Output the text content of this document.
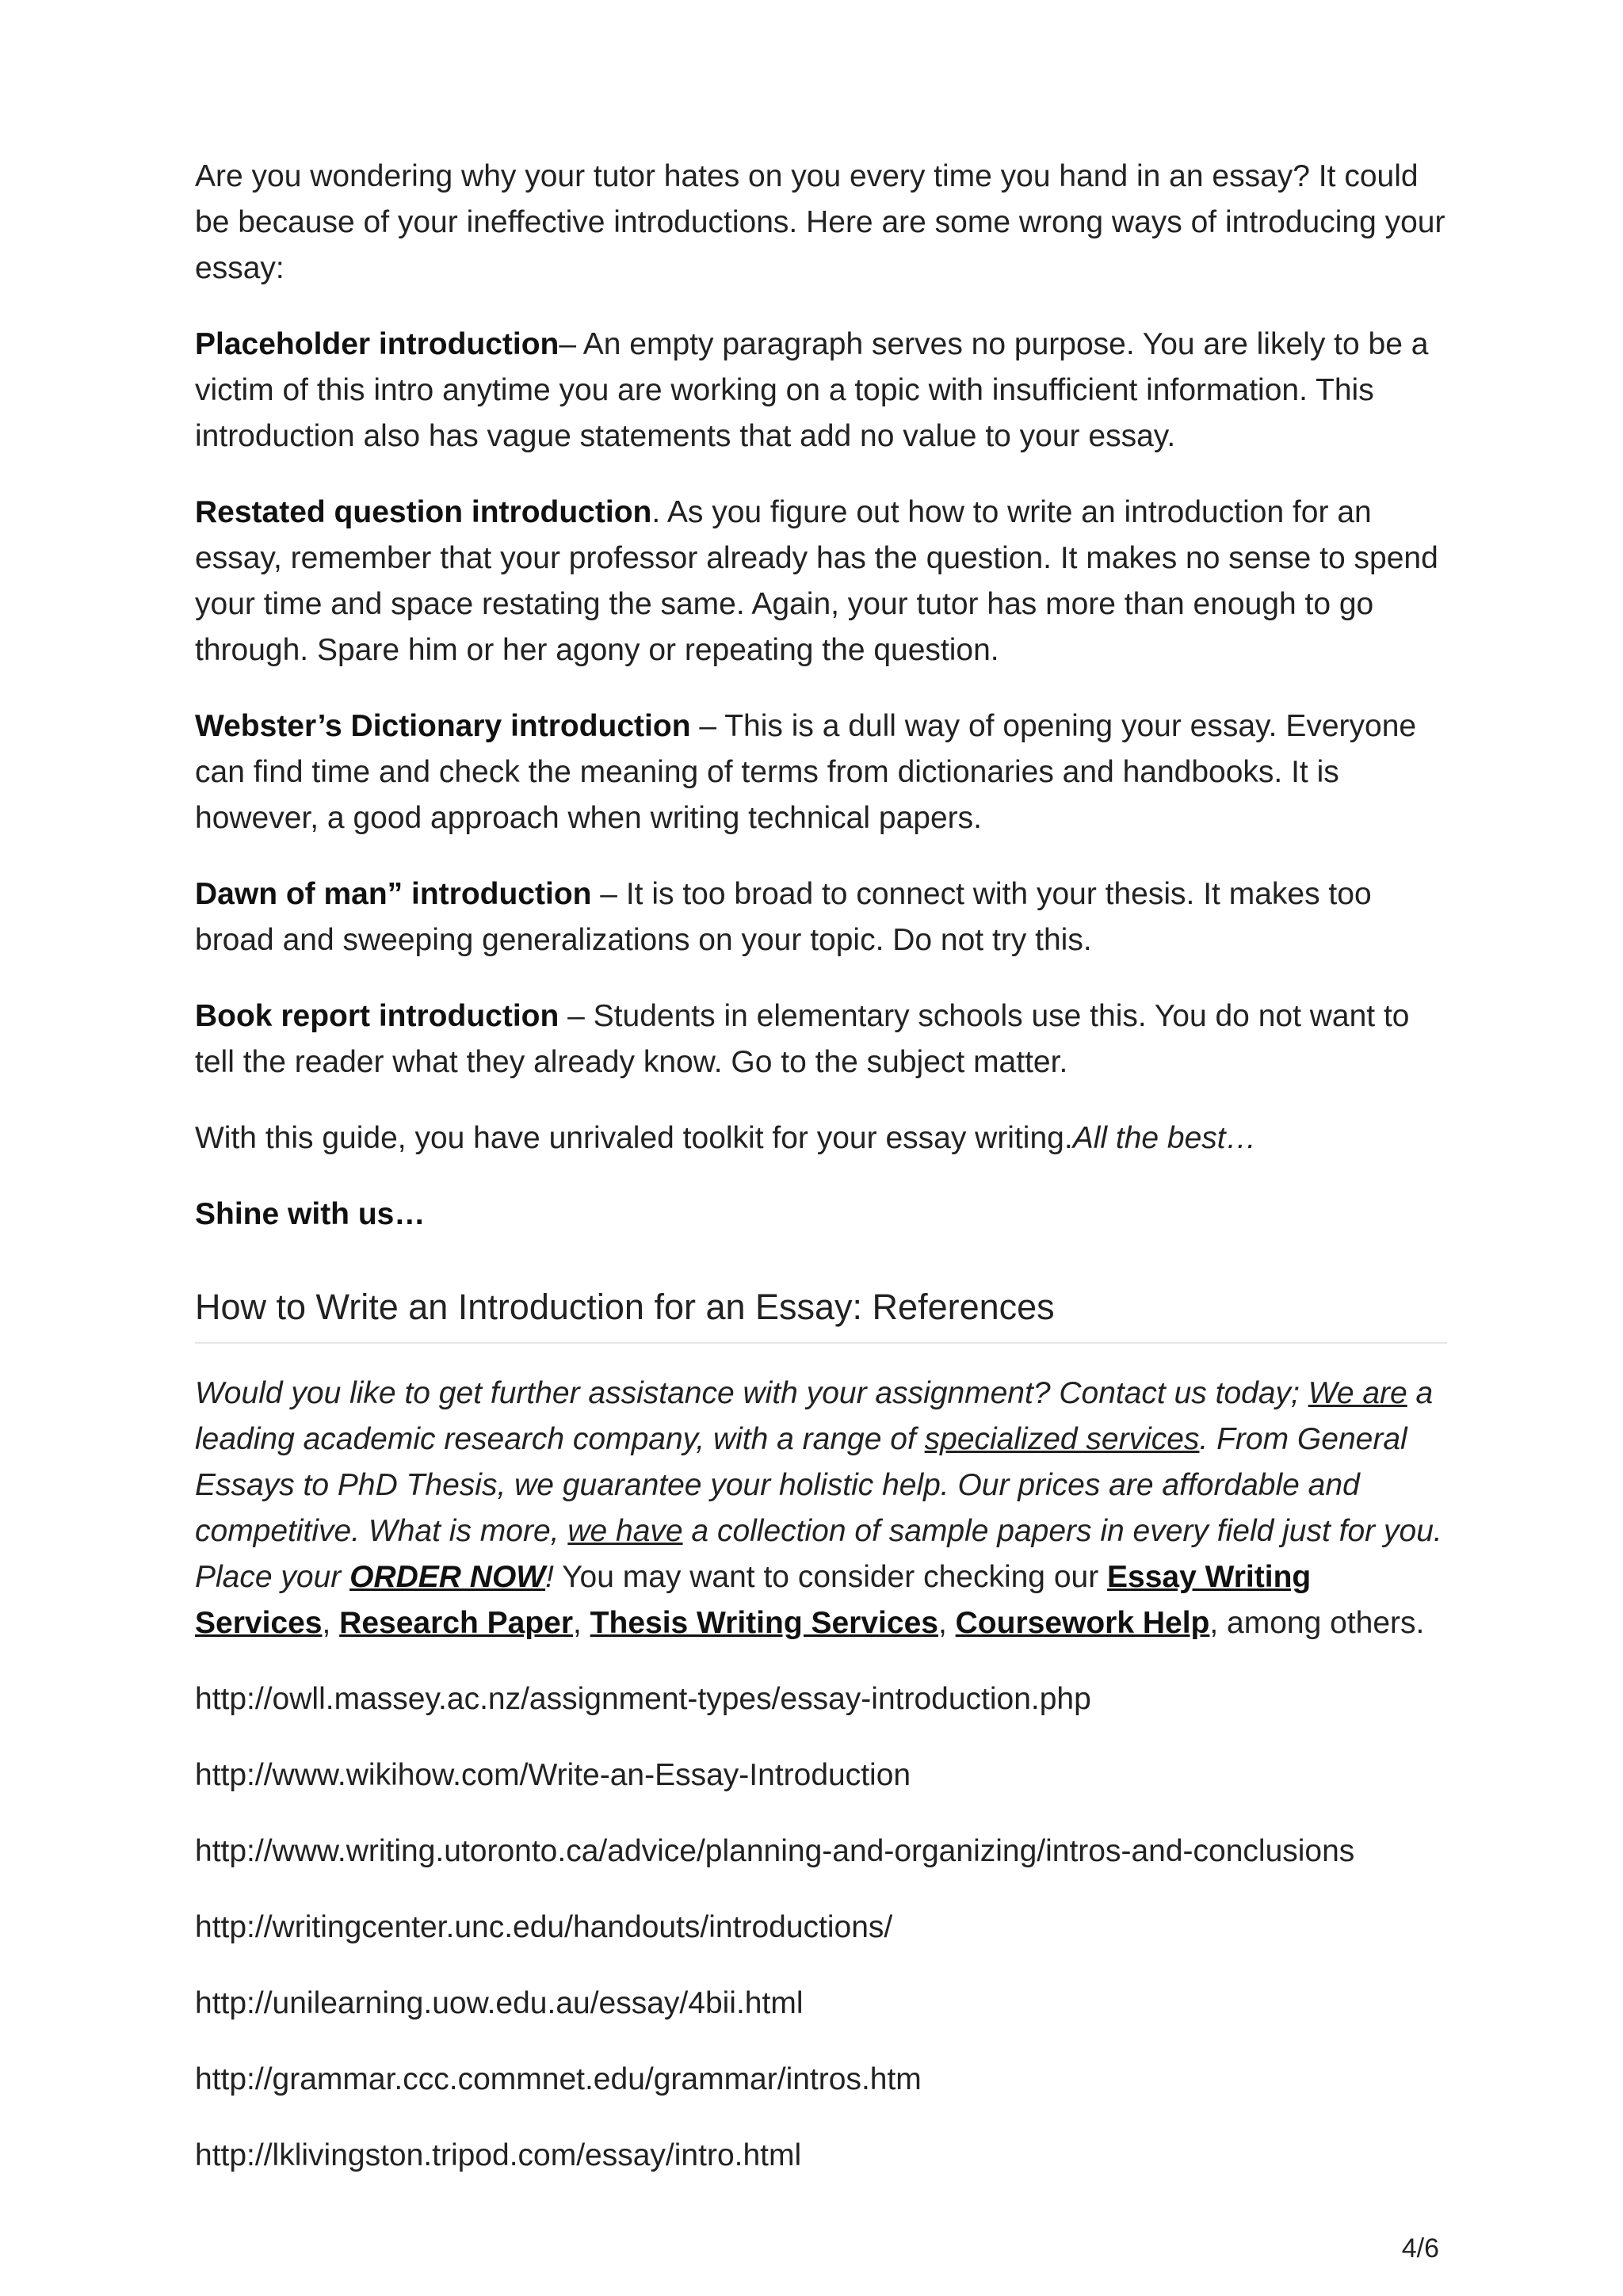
Are you wondering why your tutor hates on you every time you hand in an essay? It could be because of your ineffective introductions. Here are some wrong ways of introducing your essay:

Placeholder introduction– An empty paragraph serves no purpose. You are likely to be a victim of this intro anytime you are working on a topic with insufficient information. This introduction also has vague statements that add no value to your essay.

Restated question introduction. As you figure out how to write an introduction for an essay, remember that your professor already has the question. It makes no sense to spend your time and space restating the same. Again, your tutor has more than enough to go through. Spare him or her agony or repeating the question.

Webster’s Dictionary introduction – This is a dull way of opening your essay. Everyone can find time and check the meaning of terms from dictionaries and handbooks. It is however, a good approach when writing technical papers.

Dawn of man” introduction – It is too broad to connect with your thesis. It makes too broad and sweeping generalizations on your topic. Do not try this.

Book report introduction – Students in elementary schools use this. You do not want to tell the reader what they already know. Go to the subject matter.

With this guide, you have unrivaled toolkit for your essay writing.All the best…

Shine with us…

How to Write an Introduction for an Essay: References

Would you like to get further assistance with your assignment? Contact us today; We are a leading academic research company, with a range of specialized services. From General Essays to PhD Thesis, we guarantee your holistic help. Our prices are affordable and competitive. What is more, we have a collection of sample papers in every field just for you. Place your ORDER NOW! You may want to consider checking our Essay Writing Services, Research Paper, Thesis Writing Services, Coursework Help, among others.

http://owll.massey.ac.nz/assignment-types/essay-introduction.php

http://www.wikihow.com/Write-an-Essay-Introduction

http://www.writing.utoronto.ca/advice/planning-and-organizing/intros-and-conclusions

http://writingcenter.unc.edu/handouts/introductions/

http://unilearning.uow.edu.au/essay/4bii.html

http://grammar.ccc.commnet.edu/grammar/intros.htm

http://lklivingston.tripod.com/essay/intro.html

4/6
